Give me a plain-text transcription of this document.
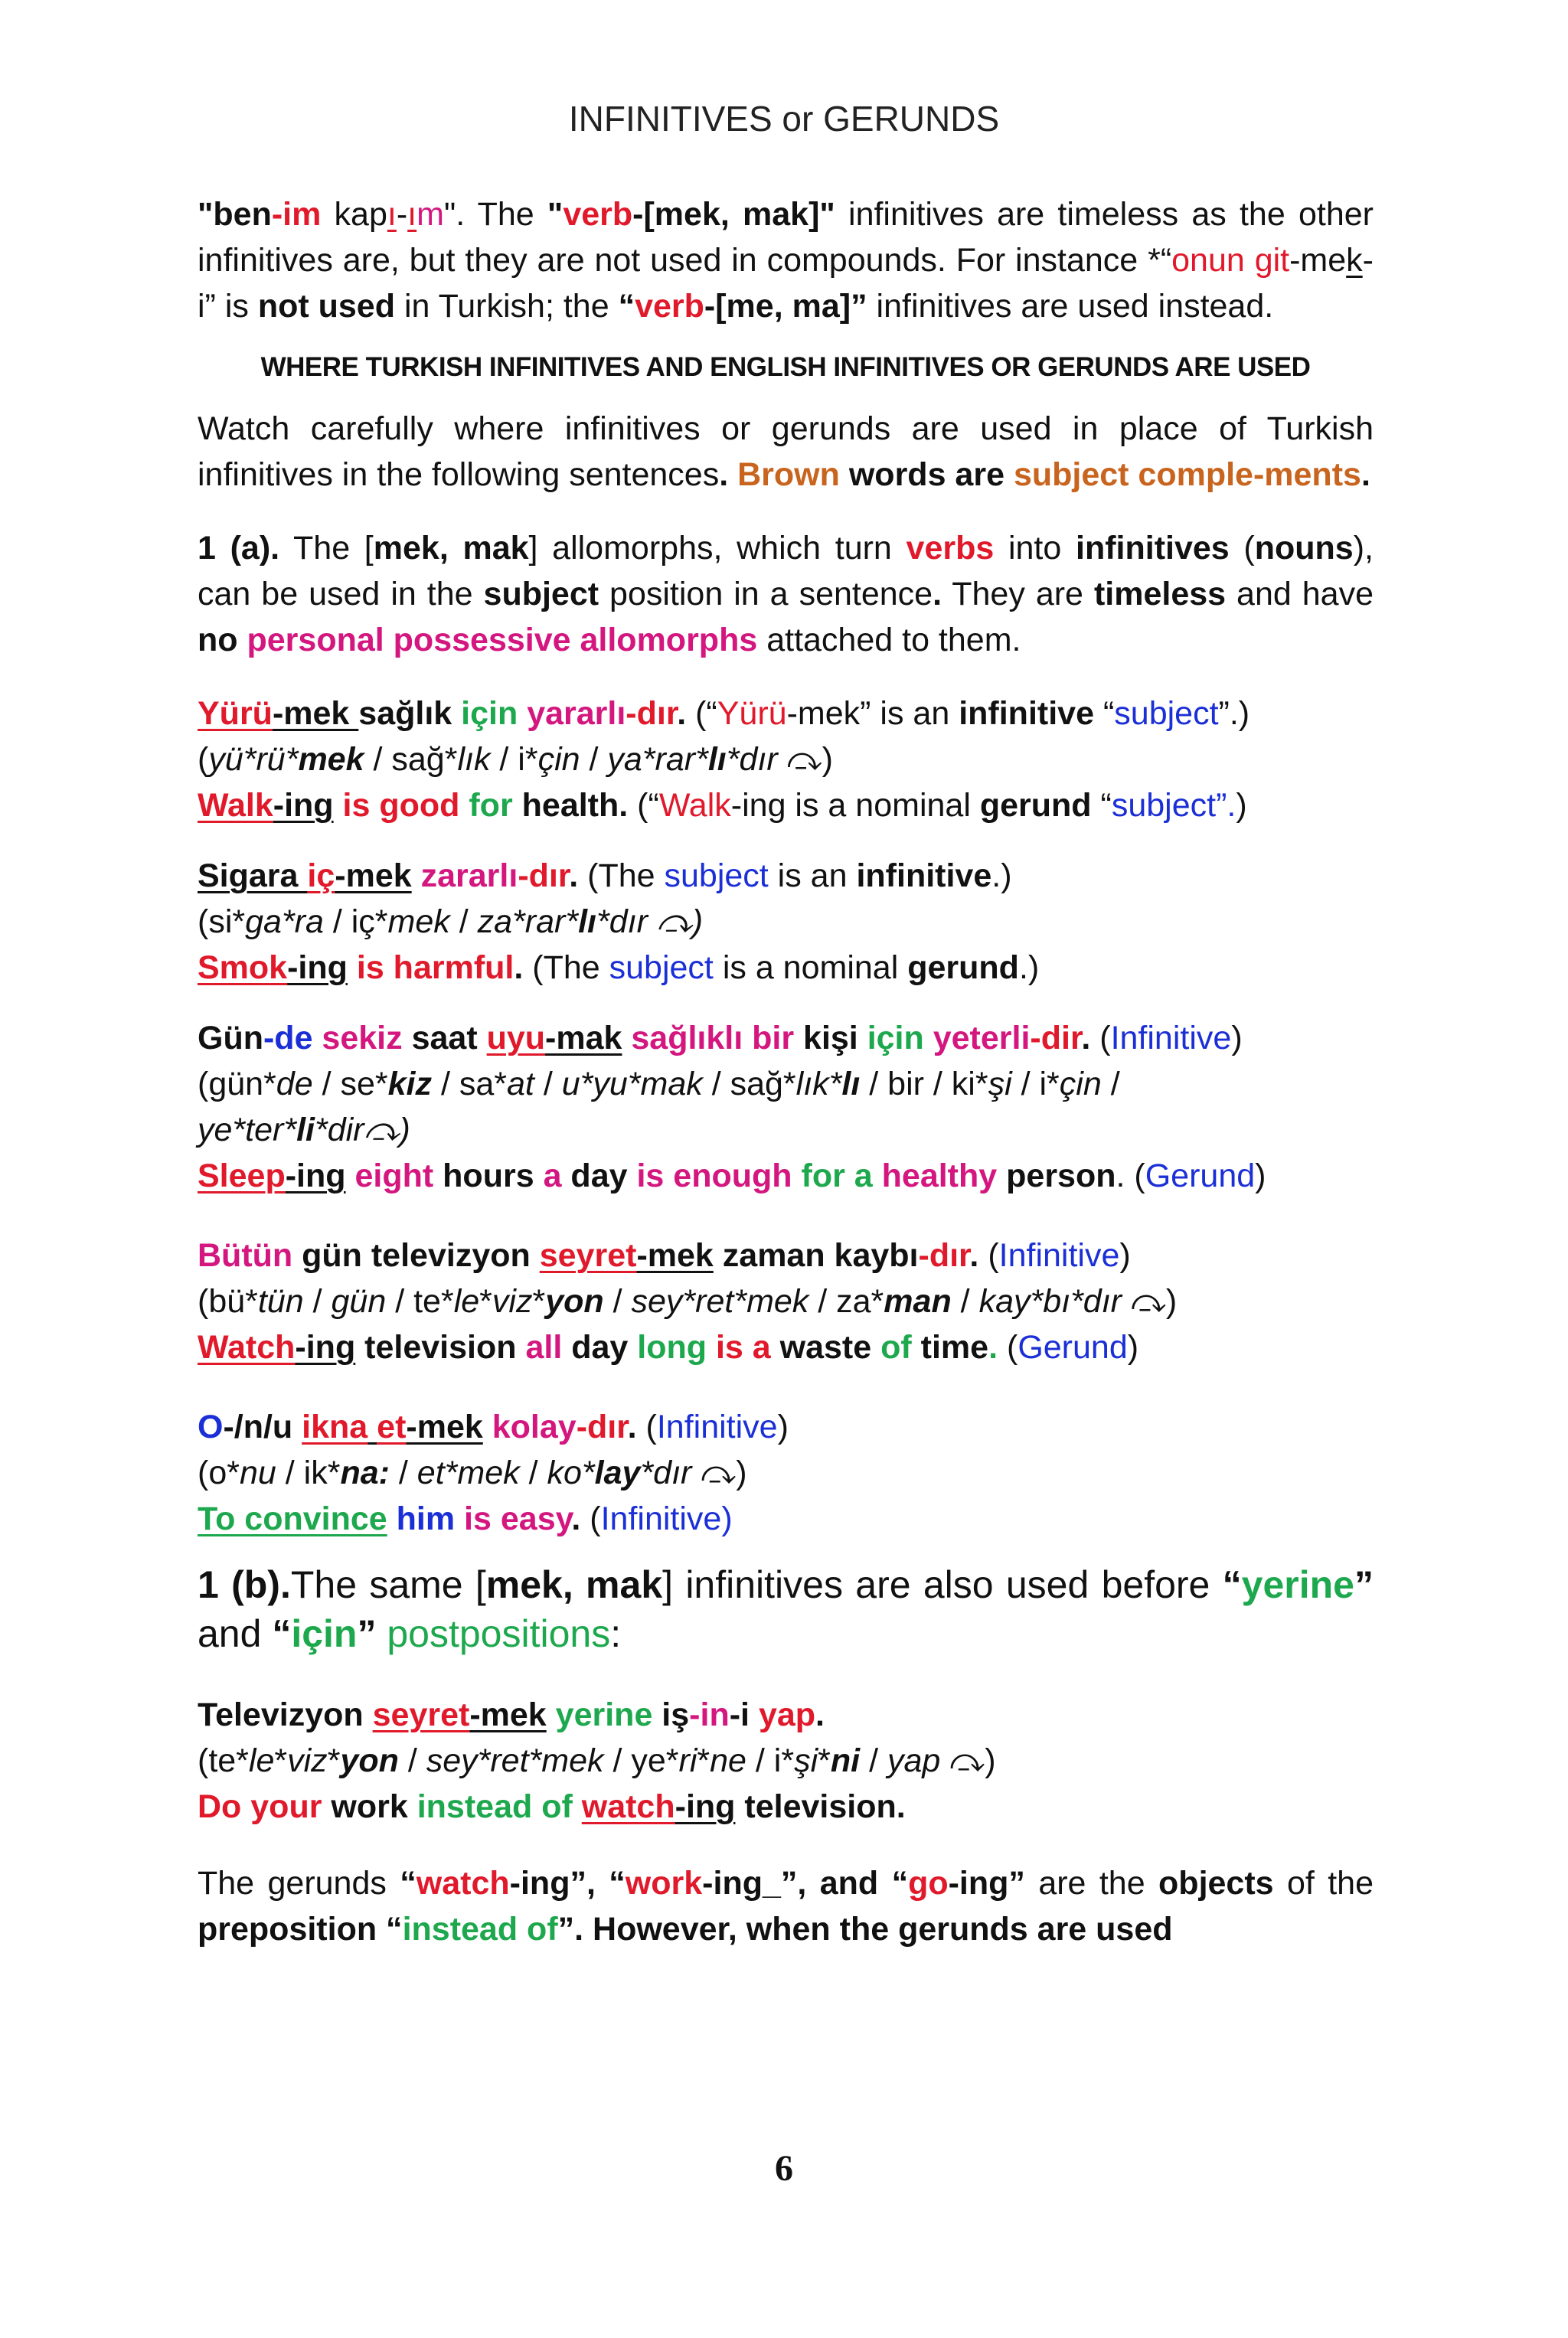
INFINITIVES or GERUNDS
"ben-im kapı-ım". The "verb-[mek, mak]" infinitives are timeless as the other infinitives are, but they are not used in compounds. For instance *“onun git-mek-i” is not used in Turkish; the “verb-[me, ma]” infinitives are used instead.
WHERE TURKISH INFINITIVES AND ENGLISH INFINITIVES OR GERUNDS ARE USED
Watch carefully where infinitives or gerunds are used in place of Turkish infinitives in the following sentences. Brown words are subject comple-ments.
1 (a). The [mek, mak] allomorphs, which turn verbs into infinitives (nouns), can be used in the subject position in a sentence. They are timeless and have no personal possessive allomorphs attached to them.
Yürü-mek sağlık için yararlı-dır. (“Yürü-mek” is an infinitive “subject”.)
(yü*rü*mek / sağ*lık / i*çin / ya*rar*lı*dır ⤼)
Walk-ing is good for health. (“Walk-ing is a nominal gerund “subject”.)
Sigara iç-mek zararlı-dır. (The subject is an infinitive.)
(si*ga*ra / iç*mek / za*rar*lı*dır ⤼)
Smok-ing is harmful. (The subject is a nominal gerund.)
Gün-de sekiz saat uyu-mak sağlıklı bir kişi için yeterli-dir. (Infinitive)
(gün*de / se*kiz / sa*at / u*yu*mak / sağ*lık*lı / bir / ki*şi / i*çin /
ye*ter*li*dir⤼)
Sleep-ing eight hours a day is enough for a healthy person. (Gerund)
Bütün gün televizyon seyret-mek zaman kaybı-dır. (Infinitive)
(bü*tün / gün / te*le*viz*yon / sey*ret*mek / za*man / kay*bı*dır ⤼)
Watch-ing television all day long is a waste of time. (Gerund)
O-/n/u ikna et-mek kolay-dır. (Infinitive)
(o*nu / ik*na: / et*mek / ko*lay*dır ⤼)
To convince him is easy. (Infinitive)
1 (b).The same [mek, mak] infinitives are also used before “yerine” and “için” postpositions:
Televizyon seyret-mek yerine iş-in-i yap.
(te*le*viz*yon / sey*ret*mek / ye*ri*ne / i*şi*ni / yap ⤼)
Do your work instead of watch-ing television.
The gerunds “watch-ing”, “work-ing_”, and “go-ing” are the objects of the preposition “instead of”. However, when the gerunds are used
6
